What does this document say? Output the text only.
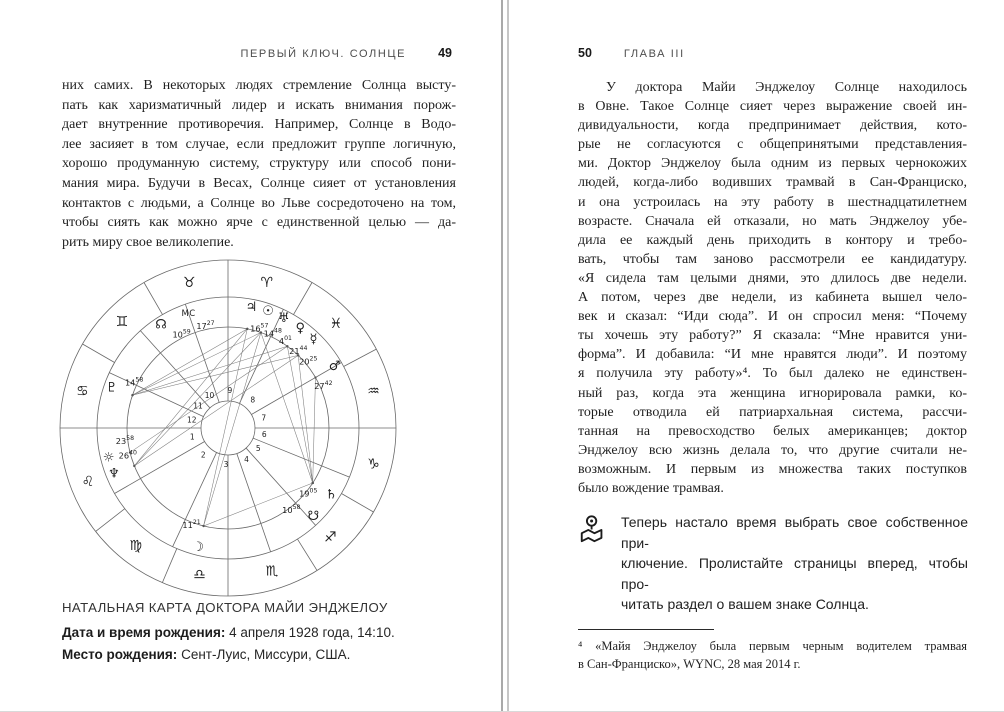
ПЕРВЫЙ КЛЮЧ. СОЛНЦЕ	49
них самих. В некоторых людях стремление Солнца высту-
пать как харизматичный лидер и искать внимания порож-
дает внутренние противоречия. Например, Солнце в Водо-
лее засияет в том случае, если предложит группе логичную,
хорошо продуманную систему, структуру или способ пони-
мания мира. Будучи в Весах, Солнце сияет от установления
контактов с людьми, а Солнце во Льве сосредоточено на том,
чтобы сиять как можно ярче с единственной целью — да-
рить миру свое великолепие.
♈
♓
♒
♑
♐
♏
♎
♍
♌
♋
♊
♉
MC
$17^{27}$
♃
$16^{57}$
☉
$14^{48}$
♅
$4^{01}$
♀
$21^{44}$
☿
$20^{25}$
♂
$27^{42}$
♄
$19^{05}$
☋
$10^{58}$
☽
$11^{21}$
♆
$26^{40}$
☼
$23^{58}$
♇ $14^{58}$
☊
$10^{59}$
1
2
3
4
5
6
7
8
9
10
11
12
НАТАЛЬНАЯ КАРТА ДОКТОРА МАЙИ ЭНДЖЕЛОУ
Дата и время рождения: 4 апреля 1928 года, 14:10.
Место рождения: Сент-Луис, Миссури, США.
50	ГЛАВА III
У доктора Майи Энджелоу Солнце находилось
в Овне. Такое Солнце сияет через выражение своей ин-
дивидуальности, когда предпринимает действия, кото-
рые не согласуются с общепринятыми представления-
ми. Доктор Энджелоу была одним из первых чернокожих
людей, когда-либо водивших трамвай в Сан-Франциско,
и она устроилась на эту работу в шестнадцатилетнем
возрасте. Сначала ей отказали, но мать Энджелоу убе-
дила ее каждый день приходить в контору и требо-
вать, чтобы там заново рассмотрели ее кандидатуру.
«Я сидела там целыми днями, это длилось две недели.
А потом, через две недели, из кабинета вышел чело-
век и сказал: “Иди сюда”. И он спросил меня: “Почему
ты хочешь эту работу?” Я сказала: “Мне нравится уни-
форма”. И добавила: “И мне нравятся люди”. И поэтому
я получила эту работу»⁴. То был далеко не единствен-
ный раз, когда эта женщина игнорировала рамки, ко-
торые отводила ей патриархальная система, рассчи-
танная на превосходство белых американцев; доктор
Энджелоу всю жизнь делала то, что другие считали не-
возможным. И первым из множества таких поступков
было вождение трамвая.
Теперь настало время выбрать свое собственное при-
ключение. Пролистайте страницы вперед, чтобы про-
читать раздел о вашем знаке Солнца.
⁴ «Майя Энджелоу была первым черным водителем трамвая
в Сан-Франциско», WYNC, 28 мая 2014 г.
